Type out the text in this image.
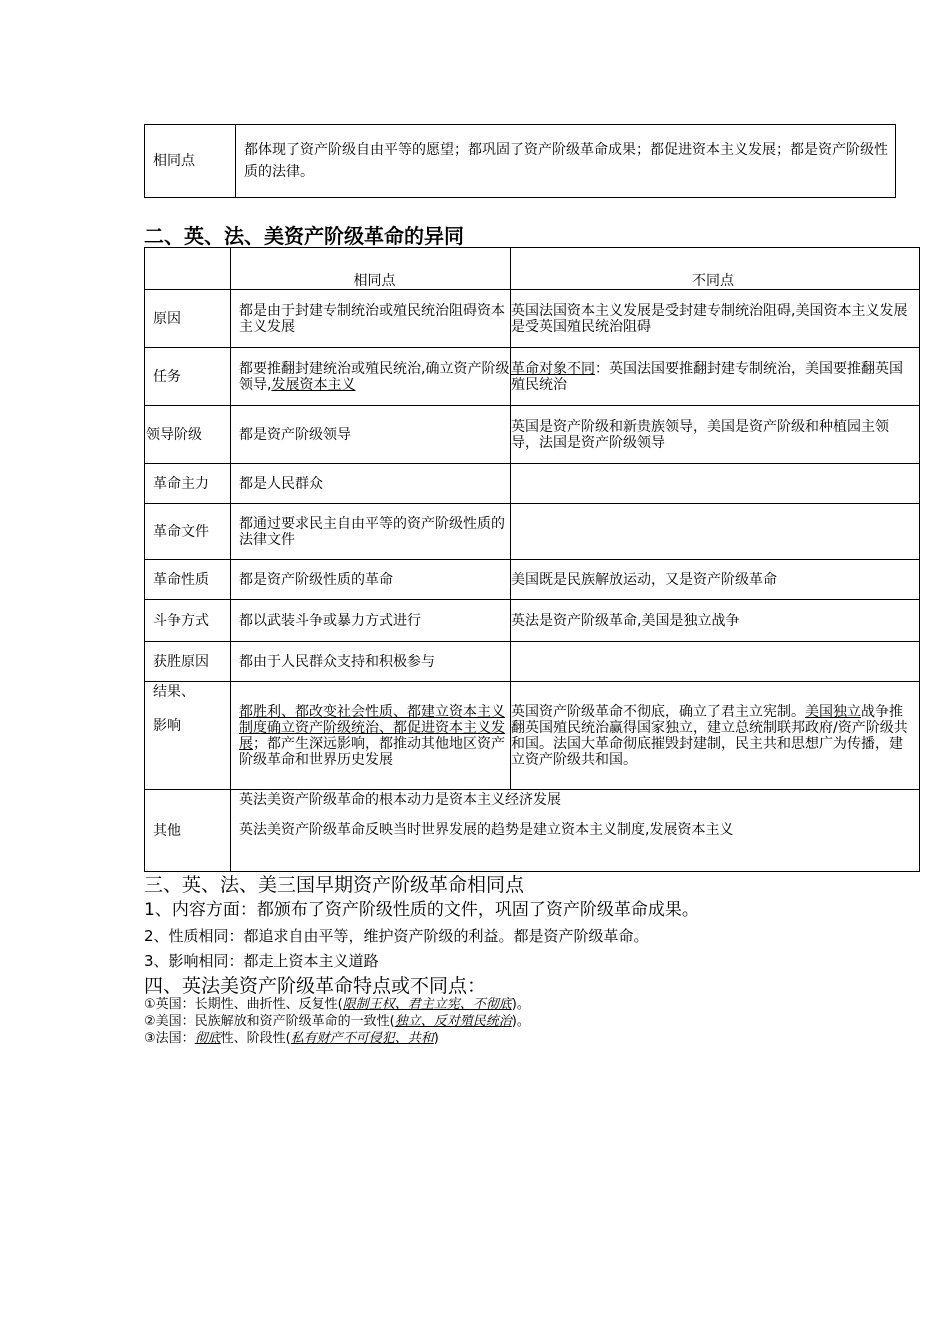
相同点	都体现了资产阶级自由平等的愿望；都巩固了资产阶级革命成果；都促进资本主义发展；都是资产阶级性质的法律。
二、英、法、美资产阶级革命的异同
	相同点	不同点
原因	都是由于封建专制统治或殖民统治阻碍资本主义发展	英国法国资本主义发展是受封建专制统治阻碍,美国资本主义发展是受英国殖民统治阻碍
任务	都要推翻封建统治或殖民统治,确立资产阶级领导,发展资本主义	革命对象不同：英国法国要推翻封建专制统治，美国要推翻英国殖民统治
领导阶级	都是资产阶级领导	英国是资产阶级和新贵族领导，美国是资产阶级和种植园主领导，法国是资产阶级领导
革命主力	都是人民群众	
革命文件	都通过要求民主自由平等的资产阶级性质的法律文件	
革命性质	都是资产阶级性质的革命	美国既是民族解放运动，又是资产阶级革命
斗争方式	都以武装斗争或暴力方式进行	英法是资产阶级革命,美国是独立战争
获胜原因	都由于人民群众支持和积极参与	

结果、
影响	都胜利、都改变社会性质、都建立资本主义制度确立资产阶级统治、都促进资本主义发展；都产生深远影响，都推动其他地区资产阶级革命和世界历史发展	英国资产阶级革命不彻底，确立了君主立宪制。美国独立战争推翻英国殖民统治赢得国家独立，建立总统制联邦政府/资产阶级共和国。法国大革命彻底摧毁封建制，民主共和思想广为传播，建立资产阶级共和国。
其他	英法美资产阶级革命的根本动力是资本主义经济发展
英法美资产阶级革命反映当时世界发展的趋势是建立资本主义制度,发展资本主义	
三、英、法、美三国早期资产阶级革命相同点
1、内容方面：都颁布了资产阶级性质的文件，巩固了资产阶级革命成果。
2、性质相同：都追求自由平等，维护资产阶级的利益。都是资产阶级革命。
3、影响相同：都走上资本主义道路
四、英法美资产阶级革命特点或不同点：
①英国：长期性、曲折性、反复性(限制王权、君主立宪、不彻底)。
②美国：民族解放和资产阶级革命的一致性(独立、反对殖民统治)。
③法国：彻底性、阶段性(私有财产不可侵犯、共和)
